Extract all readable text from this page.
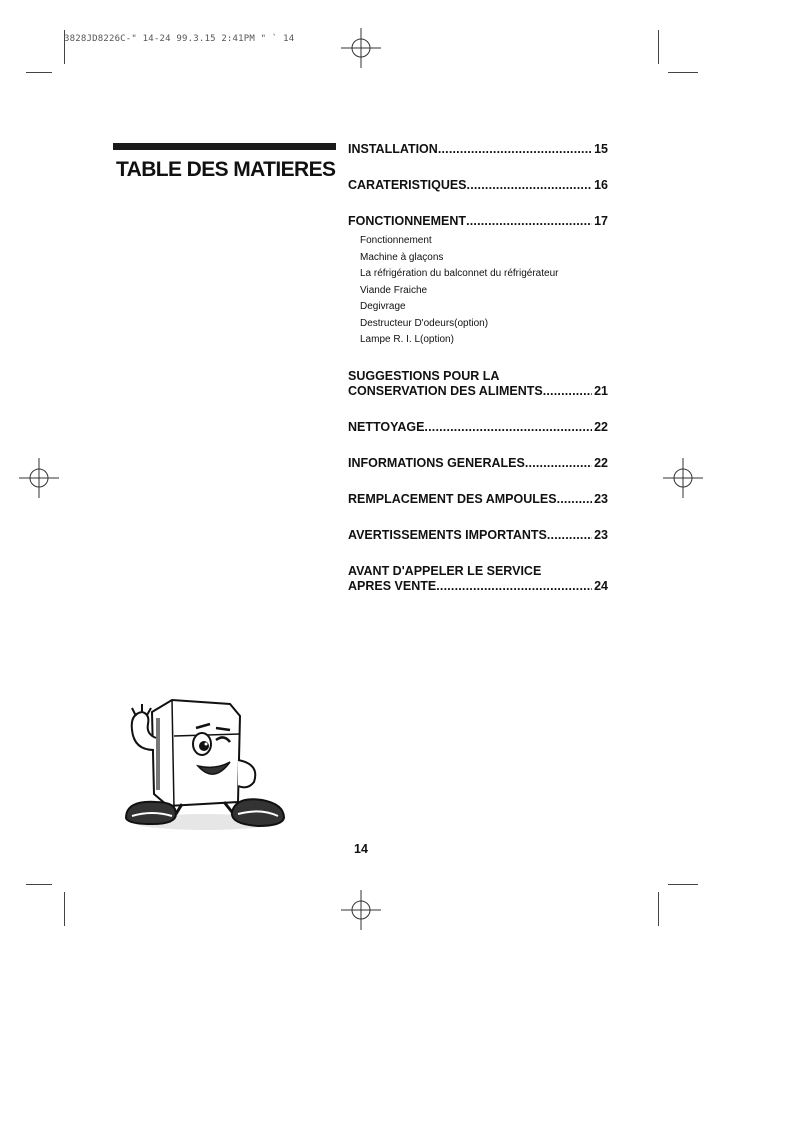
3828JD8226C-" 14-24 99.3.15 2:41PM " ` 14
TABLE DES MATIERES
INSTALLATION .....	15
CARATERISTIQUES .....	16
FONCTIONNEMENT .....	17
Fonctionnement
Machine à glaçons
La réfrigération du balconnet du réfrigérateur
Viande Fraiche
Degivrage
Destructeur D'odeurs(option)
Lampe R. I. L(option)
SUGGESTIONS POUR LA
CONSERVATION DES ALIMENTS .....	21
NETTOYAGE .....	22
INFORMATIONS GENERALES .....	22
REMPLACEMENT DES AMPOULES .....	23
AVERTISSEMENTS IMPORTANTS .....	23
AVANT D'APPELER LE SERVICE
APRES VENTE .....	24
14
